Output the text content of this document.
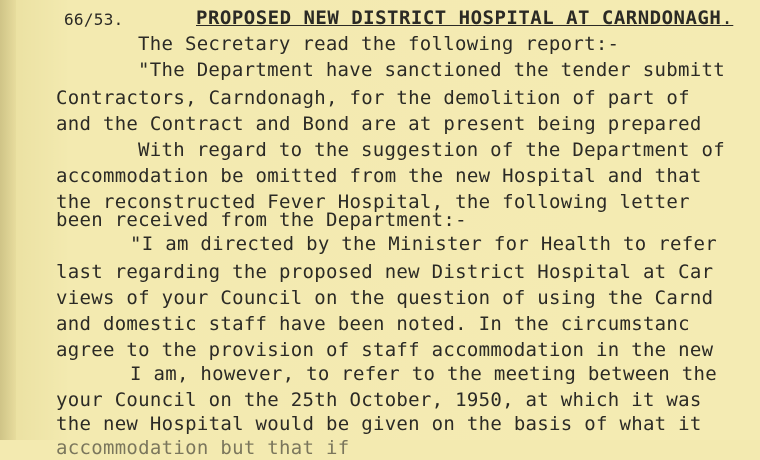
66/53.	PROPOSED NEW DISTRICT HOSPITAL AT CARNDONAGH.
The Secretary read the following report:-
"The Department have sanctioned the tender submitt
Contractors, Carndonagh, for the demolition of part of
and the Contract and Bond are at present being prepared
With regard to the suggestion of the Department of
accommodation be omitted from the new Hospital and that
the reconstructed Fever Hospital, the following letter
been received from the Department:-
"I am directed by the Minister for Health to refer
last regarding the proposed new District Hospital at Car
views of your Council on the question of using the Carnd
and domestic staff have been noted. In the circumstanc
agree to the provision of staff accommodation in the new
I am, however, to refer to the meeting between the
your Council on the 25th October, 1950, at which it was
the new Hospital would be given on the basis of what it
accommodation but that if
